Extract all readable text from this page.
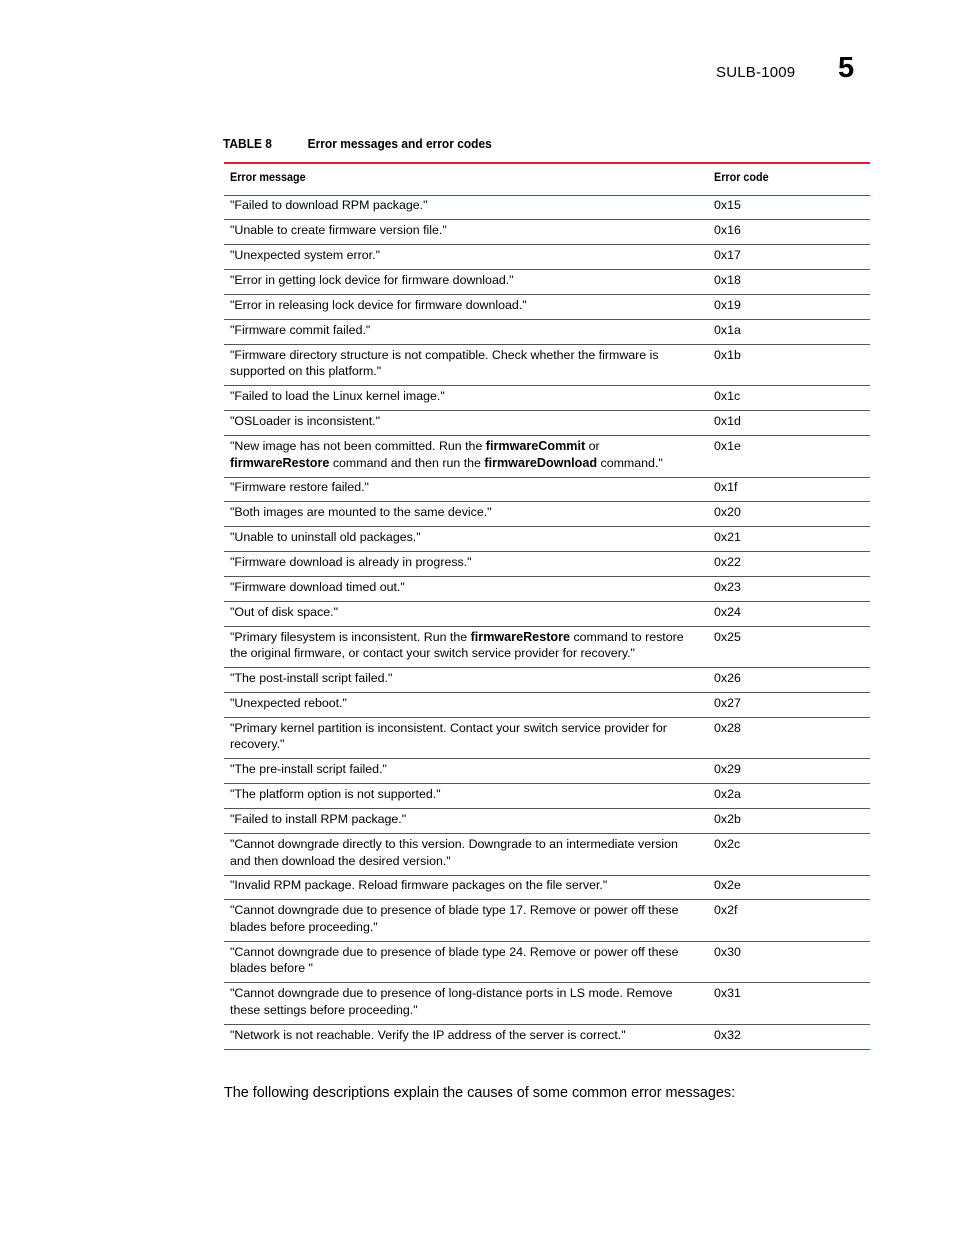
SULB-1009 5
TABLE 8	Error messages and error codes
Error message	Error code
"Failed to download RPM package."	0x15
"Unable to create firmware version file."	0x16
"Unexpected system error."	0x17
"Error in getting lock device for firmware download."	0x18
"Error in releasing lock device for firmware download."	0x19
"Firmware commit failed."	0x1a
"Firmware directory structure is not compatible. Check whether the firmware is supported on this platform."	0x1b
"Failed to load the Linux kernel image."	0x1c
"OSLoader is inconsistent."	0x1d
"New image has not been committed. Run the firmwareCommit or firmwareRestore command and then run the firmwareDownload command."	0x1e
"Firmware restore failed."	0x1f
"Both images are mounted to the same device."	0x20
"Unable to uninstall old packages."	0x21
"Firmware download is already in progress."	0x22
"Firmware download timed out."	0x23
"Out of disk space."	0x24
"Primary filesystem is inconsistent. Run the firmwareRestore command to restore the original firmware, or contact your switch service provider for recovery."	0x25
"The post-install script failed."	0x26
"Unexpected reboot."	0x27
"Primary kernel partition is inconsistent. Contact your switch service provider for recovery."	0x28
"The pre-install script failed."	0x29
"The platform option is not supported."	0x2a
"Failed to install RPM package."	0x2b
"Cannot downgrade directly to this version. Downgrade to an intermediate version and then download the desired version."	0x2c
"Invalid RPM package. Reload firmware packages on the file server."	0x2e
"Cannot downgrade due to presence of blade type 17. Remove or power off these blades before proceeding."	0x2f
"Cannot downgrade due to presence of blade type 24. Remove or power off these blades before "	0x30
"Cannot downgrade due to presence of long-distance ports in LS mode. Remove these settings before proceeding."	0x31
"Network is not reachable. Verify the IP address of the server is correct."	0x32
The following descriptions explain the causes of some common error messages:
